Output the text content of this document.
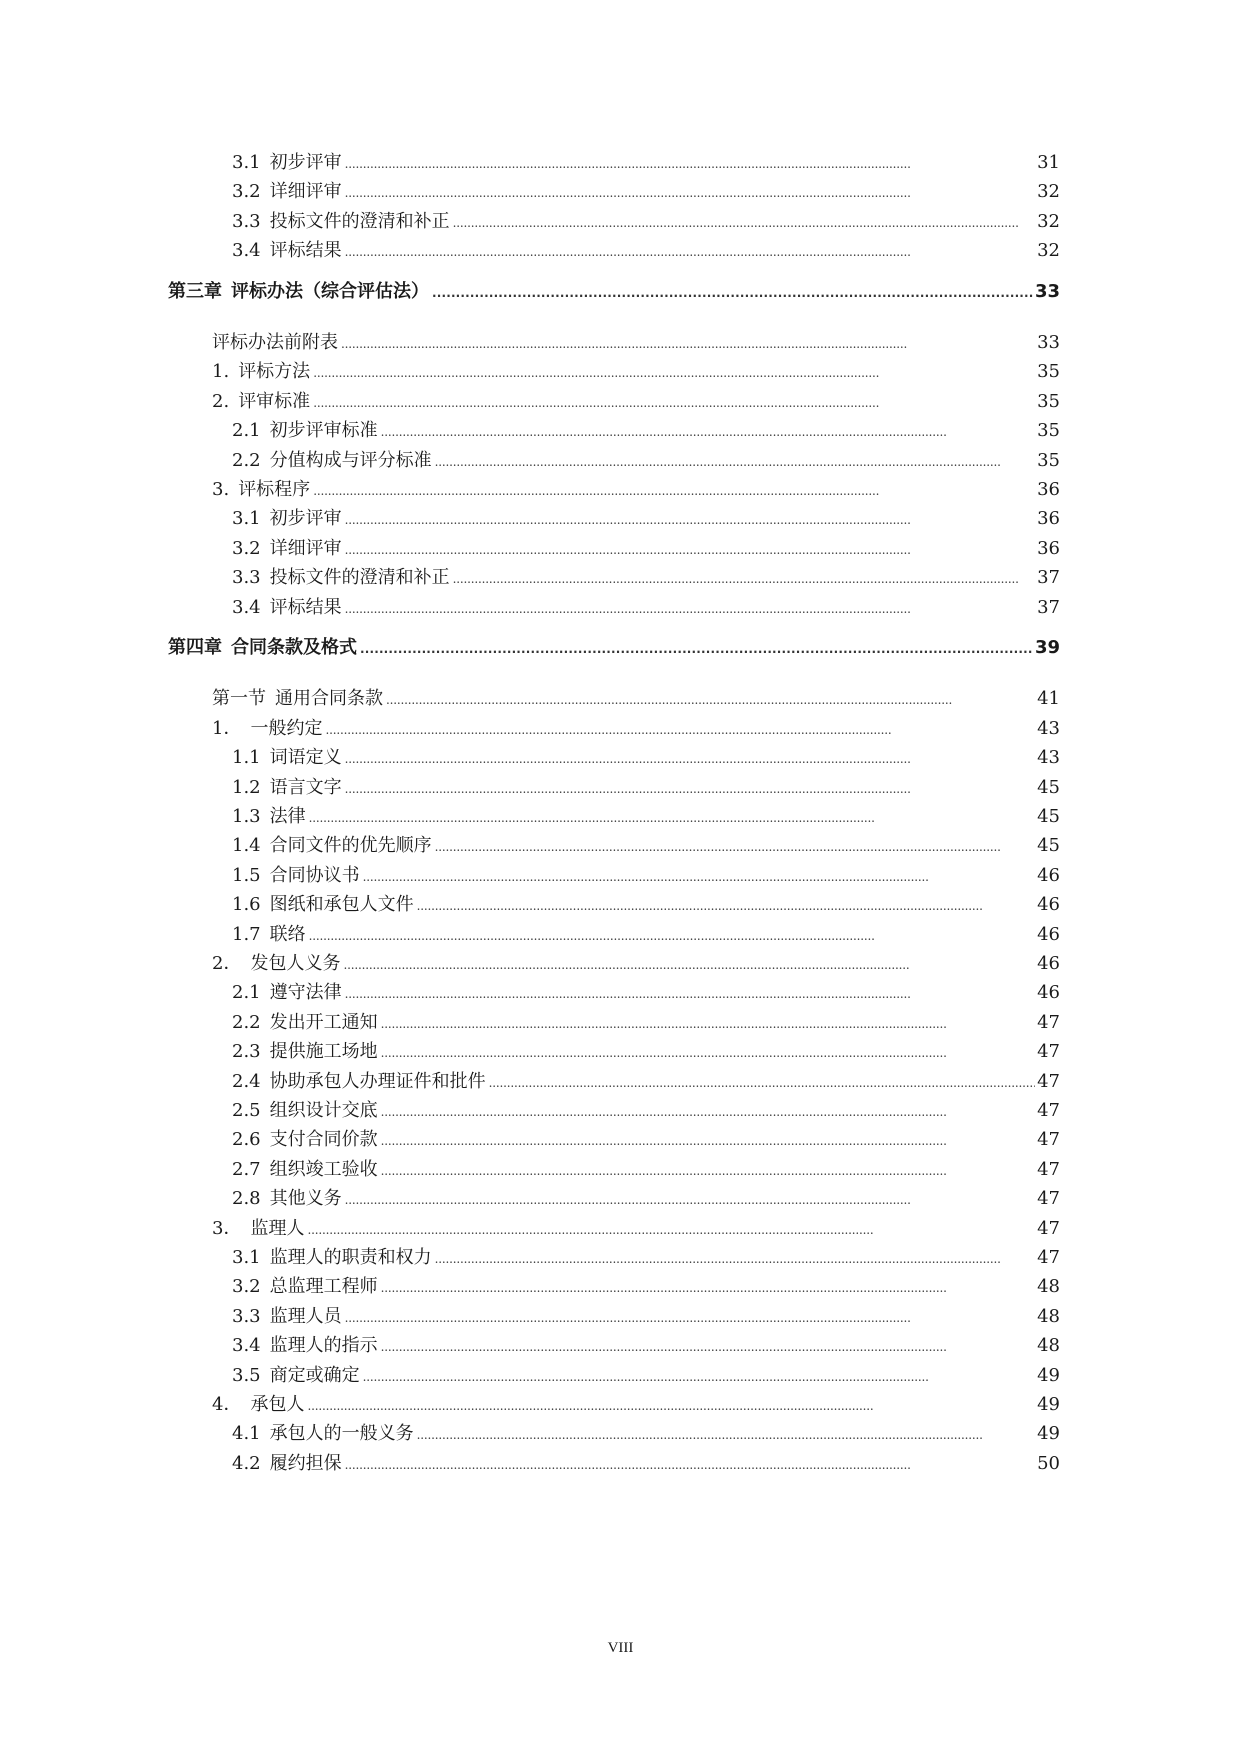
3.1 初步评审 . . .	31
3.2 详细评审 . . .	32
3.3 投标文件的澄清和补正 . . .	32
3.4 评标结果 . . .	32
第三章 评标办法（综合评估法） . . .	33
评标办法前附表 . . .	33
1. 评标方法 . . .	35
2. 评审标准 . . .	35
2.1 初步评审标准 . . .	35
2.2 分值构成与评分标准 . . .	35
3. 评标程序 . . .	36
3.1 初步评审 . . .	36
3.2 详细评审 . . .	36
3.3 投标文件的澄清和补正 . . .	37
3.4 评标结果 . . .	37
第四章 合同条款及格式 . . .	39
第一节 通用合同条款 . . .	41
1． 一般约定 . . .	43
1.1 词语定义 . . .	43
1.2 语言文字 . . .	45
1.3 法律 . . .	45
1.4 合同文件的优先顺序 . . .	45
1.5 合同协议书 . . .	46
1.6 图纸和承包人文件 . . .	46
1.7 联络 . . .	46
2． 发包人义务 . . .	46
2.1 遵守法律 . . .	46
2.2 发出开工通知 . . .	47
2.3 提供施工场地 . . .	47
2.4 协助承包人办理证件和批件 . . .	47
2.5 组织设计交底 . . .	47
2.6 支付合同价款 . . .	47
2.7 组织竣工验收 . . .	47
2.8 其他义务 . . .	47
3． 监理人 . . .	47
3.1 监理人的职责和权力 . . .	47
3.2 总监理工程师 . . .	48
3.3 监理人员 . . .	48
3.4 监理人的指示 . . .	48
3.5 商定或确定 . . .	49
4． 承包人 . . .	49
4.1 承包人的一般义务 . . .	49
4.2 履约担保 . . .	50
VIII
